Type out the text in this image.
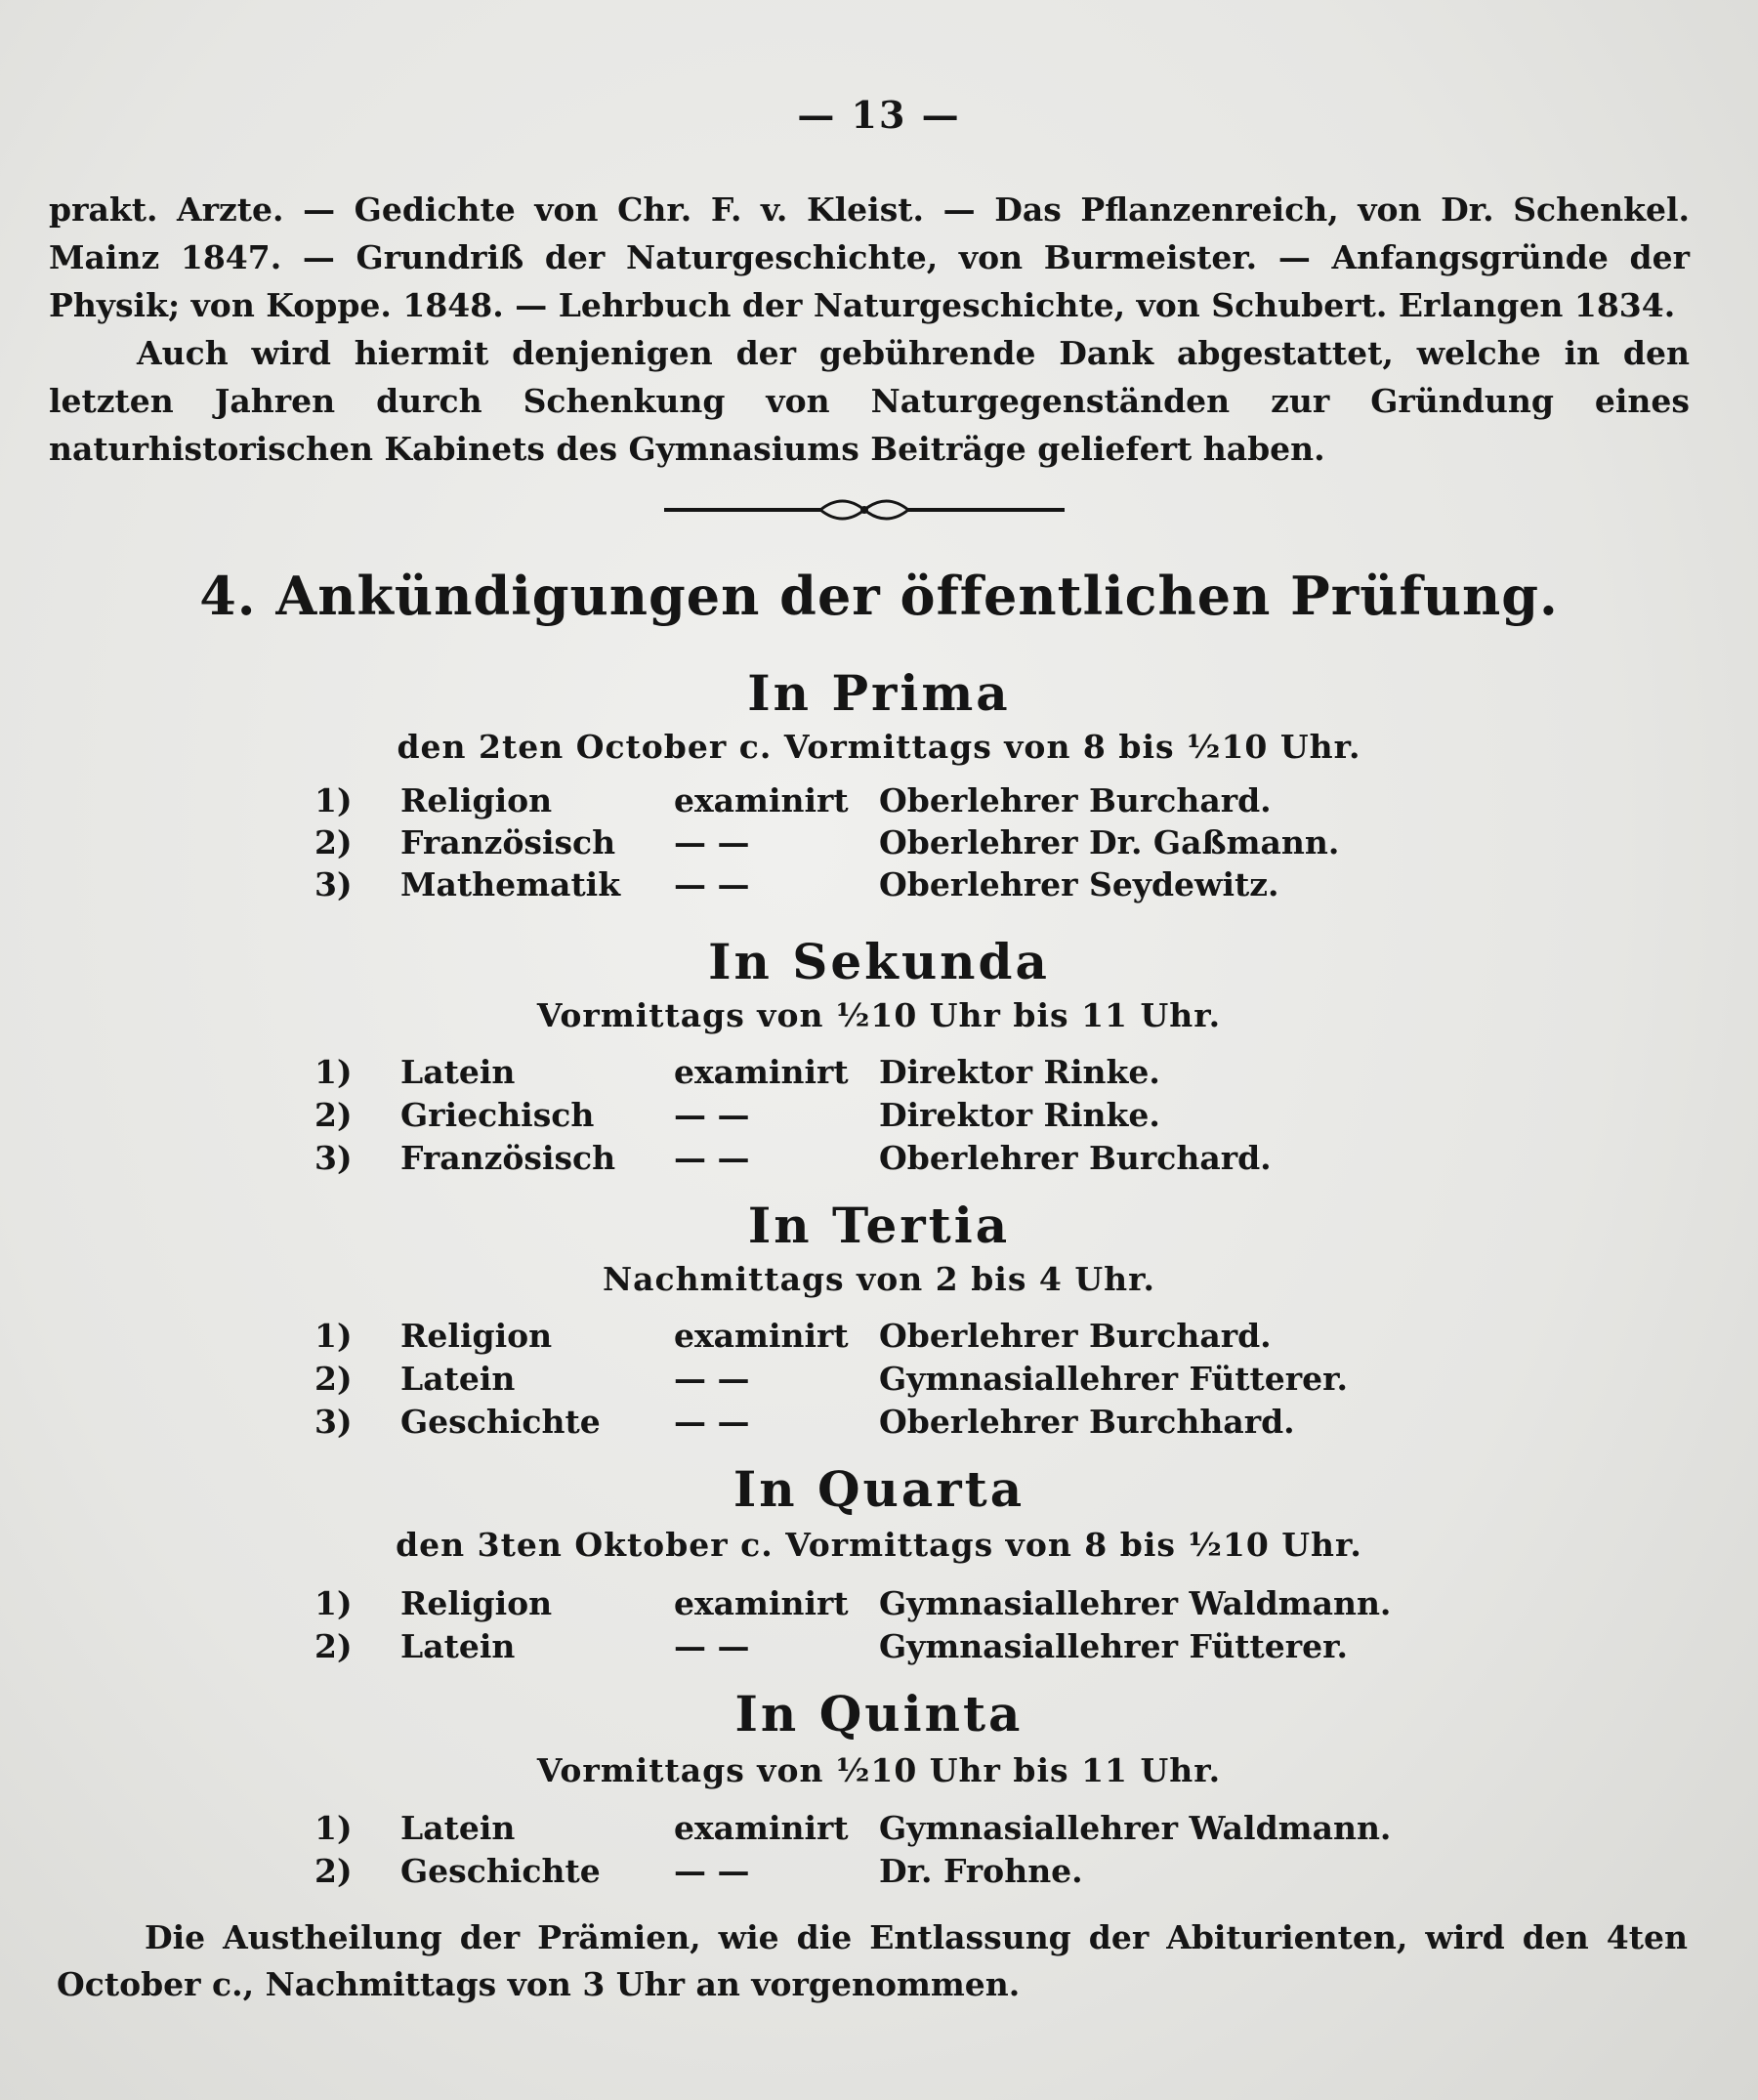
— 13 —

prakt. Arzte. — Gedichte von Chr. F. v. Kleist. — Das Pflanzenreich, von Dr. Schenkel. Mainz 1847. — Grundriß der Naturgeschichte, von Burmeister. — Anfangsgründe der Physik; von Koppe. 1848. — Lehrbuch der Naturgeschichte, von Schubert. Erlangen 1834.

Auch wird hiermit denjenigen der gebührende Dank abgestattet, welche in den letzten Jahren durch Schenkung von Naturgegenständen zur Gründung eines naturhistorischen Kabinets des Gymnasiums Beiträge geliefert haben.

4. Ankündigungen der öffentlichen Prüfung.
In Prima
den 2ten October c. Vormittags von 8 bis ½10 Uhr.
1) Religion	examinirt Oberlehrer Burchard.
2) Französisch — —	Oberlehrer Dr. Gaßmann.
3) Mathematik — —	Oberlehrer Seydewitz.
In Sekunda
Vormittags von ½10 Uhr bis 11 Uhr.
1) Latein	examinirt Direktor Rinke.
2) Griechisch — —	Direktor Rinke.
3) Französisch — —	Oberlehrer Burchard.
In Tertia
Nachmittags von 2 bis 4 Uhr.
1) Religion	examinirt Oberlehrer Burchard.
2) Latein	— —	Gymnasiallehrer Fütterer.
3) Geschichte — —	Oberlehrer Burchhard.
In Quarta
den 3ten Oktober c. Vormittags von 8 bis ½10 Uhr.
1) Religion	examinirt Gymnasiallehrer Waldmann.
2) Latein	— —	Gymnasiallehrer Fütterer.
In Quinta
Vormittags von ½10 Uhr bis 11 Uhr.
1) Latein	examinirt Gymnasiallehrer Waldmann.
2) Geschichte — —	Dr. Frohne.

Die Austheilung der Prämien, wie die Entlassung der Abiturienten, wird den 4ten October c., Nachmittags von 3 Uhr an vorgenommen.
